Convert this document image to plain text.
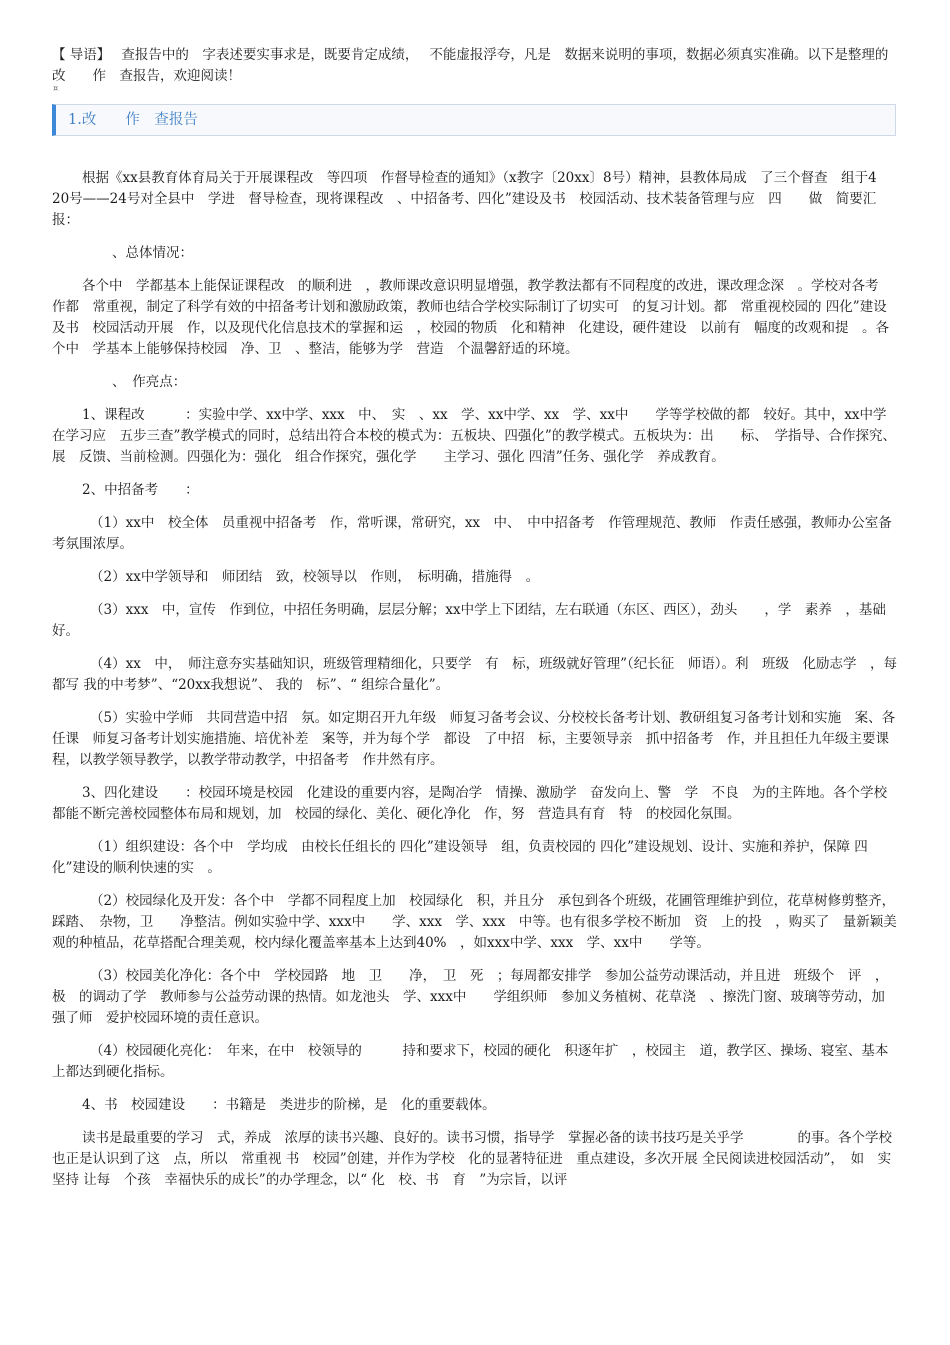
【 导语】　 查报告中的　字表述要实事求是，既要肯定成绩，　 不能虚报浮夸，凡是　数据来说明的事项，数据必须真实准确。以下是整理的改　　作　查报告，欢迎阅读！

¤
1.改　　作　查报告

根据《xx县教育体育局关于开展课程改　等四项　作督导检查的通知》（x教字〔20xx〕8号）精神，县教体局成　了三个督查　组于4　20号——24号对全县中　学进　督导检查，现将课程改　、中招备考、四化”建设及书　校园活动、技术装备管理与应　四　　做　简要汇报：

、总体情况：

各个中　学都基本上能保证课程改　的顺利进　，教师课改意识明显增强，教学教法都有不同程度的改进，课改理念深　。学校对各考　作都　常重视，制定了科学有效的中招备考计划和激励政策，教师也结合学校实际制订了切实可　的复习计划。都　常重视校园的 四化”建设及书　校园活动开展　作，以及现代化信息技术的掌握和运　，校园的物质　化和精神　化建设，硬件建设　以前有　幅度的改观和提　。各个中　学基本上能够保持校园　净、卫　、整洁，能够为学　营造　个温馨舒适的环境。

、　作亮点：

1、课程改　　　：实验中学、xx中学、xxx　中、　实　、xx　学、xx中学、xx　学、xx中　　学等学校做的都　较好。其中，xx中学在学习应　五步三查”教学模式的同时，总结出符合本校的模式为：五板块、四强化”的教学模式。五板块为：出　　标、　学指导、合作探究、展　反馈、当前检测。四强化为：强化　组合作探究，强化学　　主学习、强化 四清”任务、强化学　养成教育。

2、中招备考　　：

（1）xx中　校全体　员重视中招备考　作，常听课，常研究，xx　中、　中中招备考　作管理规范、教师　作责任感强，教师办公室备考氛围浓厚。

（2）xx中学领导和　师团结　致，校领导以　作则，　标明确，措施得　。

（3）xxx　中，宣传　作到位，中招任务明确，层层分解；xx中学上下团结，左右联通（东区、西区），劲头　　，学　素养　，基础好。

（4）xx　中，　师注意夯实基础知识，班级管理精细化，只要学　有　标，班级就好管理”（纪长征　师语）。利　班级　化励志学　，每　都写 我的中考梦”、“20xx我想说”、 我的　标”、“ 组综合量化”。

（5）实验中学师　共同营造中招　氛。如定期召开九年级　师复习备考会议、分校校长备考计划、教研组复习备考计划和实施　案、各任课　师复习备考计划实施措施、培优补差　案等，并为每个学　都设　了中招　标，主要领导亲　抓中招备考　作，并且担任九年级主要课程，以教学领导教学，以教学带动教学，中招备考　作井然有序。

3、四化建设　　：校园环境是校园　化建设的重要内容，是陶冶学　情操、激励学　奋发向上、警　学　不良　为的主阵地。各个学校都能不断完善校园整体布局和规划，加　校园的绿化、美化、硬化净化　作，努　营造具有育　特　的校园化氛围。

（1）组织建设：各个中　学均成　由校长任组长的 四化”建设领导　组，负责校园的 四化”建设规划、设计、实施和养护，保障 四化”建设的顺利快速的实　。

（2）校园绿化及开发：各个中　学都不同程度上加　校园绿化　积，并且分　承包到各个班级，花圃管理维护到位，花草树修剪整齐，　踩踏、　杂物，卫　　净整洁。例如实验中学、xxx中　　学、xxx　学、xxx　中等。也有很多学校不断加　资　上的投　，购买了　量新颖美观的种植品，花草搭配合理美观，校内绿化覆盖率基本上达到40%　，如xxx中学、xxx　学、xx中　　学等。

（3）校园美化净化：各个中　学校园路　地　卫　　净，　卫　死　；每周都安排学　参加公益劳动课活动，并且进　班级个　评　，极　的调动了学　教师参与公益劳动课的热情。如龙池头　学、xxx中　　学组织师　参加义务植树、花草浇　、擦洗门窗、玻璃等劳动，加强了师　爱护校园环境的责任意识。

（4）校园硬化亮化：　年来，在中　校领导的　　　持和要求下，校园的硬化　积逐年扩　，校园主　道，教学区、操场、寝室、基本上都达到硬化指标。

4、书　校园建设　　：书籍是　类进步的阶梯，是　化的重要载体。

读书是最重要的学习　式，养成　浓厚的读书兴趣、良好的。读书习惯，指导学　掌握必备的读书技巧是关乎学　　　　的事。各个学校也正是认识到了这　点，所以　常重视 书　校园”创建，并作为学校　化的显著特征进　重点建设，多次开展 全民阅读进校园活动”，　如　实　坚持 让每　个孩　幸福快乐的成长”的办学理念，以“ 化　校、书　育　”为宗旨，以评
